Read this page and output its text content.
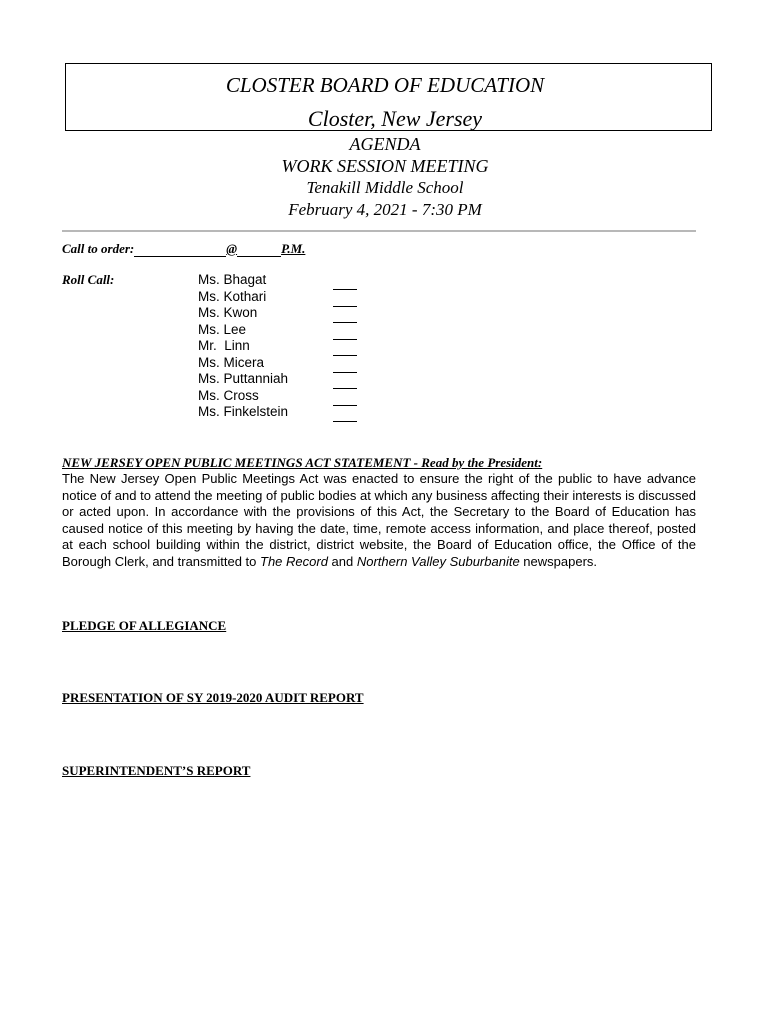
CLOSTER BOARD OF EDUCATION
Closter, New Jersey
AGENDA
WORK SESSION MEETING
Tenakill Middle School
February 4, 2021 - 7:30 PM
Call to order:	@	P.M.
Roll Call:	Ms. Bhagat
Ms. Kothari
Ms. Kwon
Ms. Lee
Mr.  Linn
Ms. Micera
Ms. Puttanniah
Ms. Cross
Ms. Finkelstein
NEW JERSEY OPEN PUBLIC MEETINGS ACT STATEMENT - Read by the President:
The New Jersey Open Public Meetings Act was enacted to ensure the right of the public to have advance notice of and to attend the meeting of public bodies at which any business affecting their interests is discussed or acted upon. In accordance with the provisions of this Act, the Secretary to the Board of Education has caused notice of this meeting by having the date, time, remote access information, and place thereof, posted at each school building within the district, district website, the Board of Education office, the Office of the Borough Clerk, and transmitted to The Record and Northern Valley Suburbanite newspapers.
PLEDGE OF ALLEGIANCE
PRESENTATION OF SY 2019-2020 AUDIT REPORT
SUPERINTENDENT’S REPORT
